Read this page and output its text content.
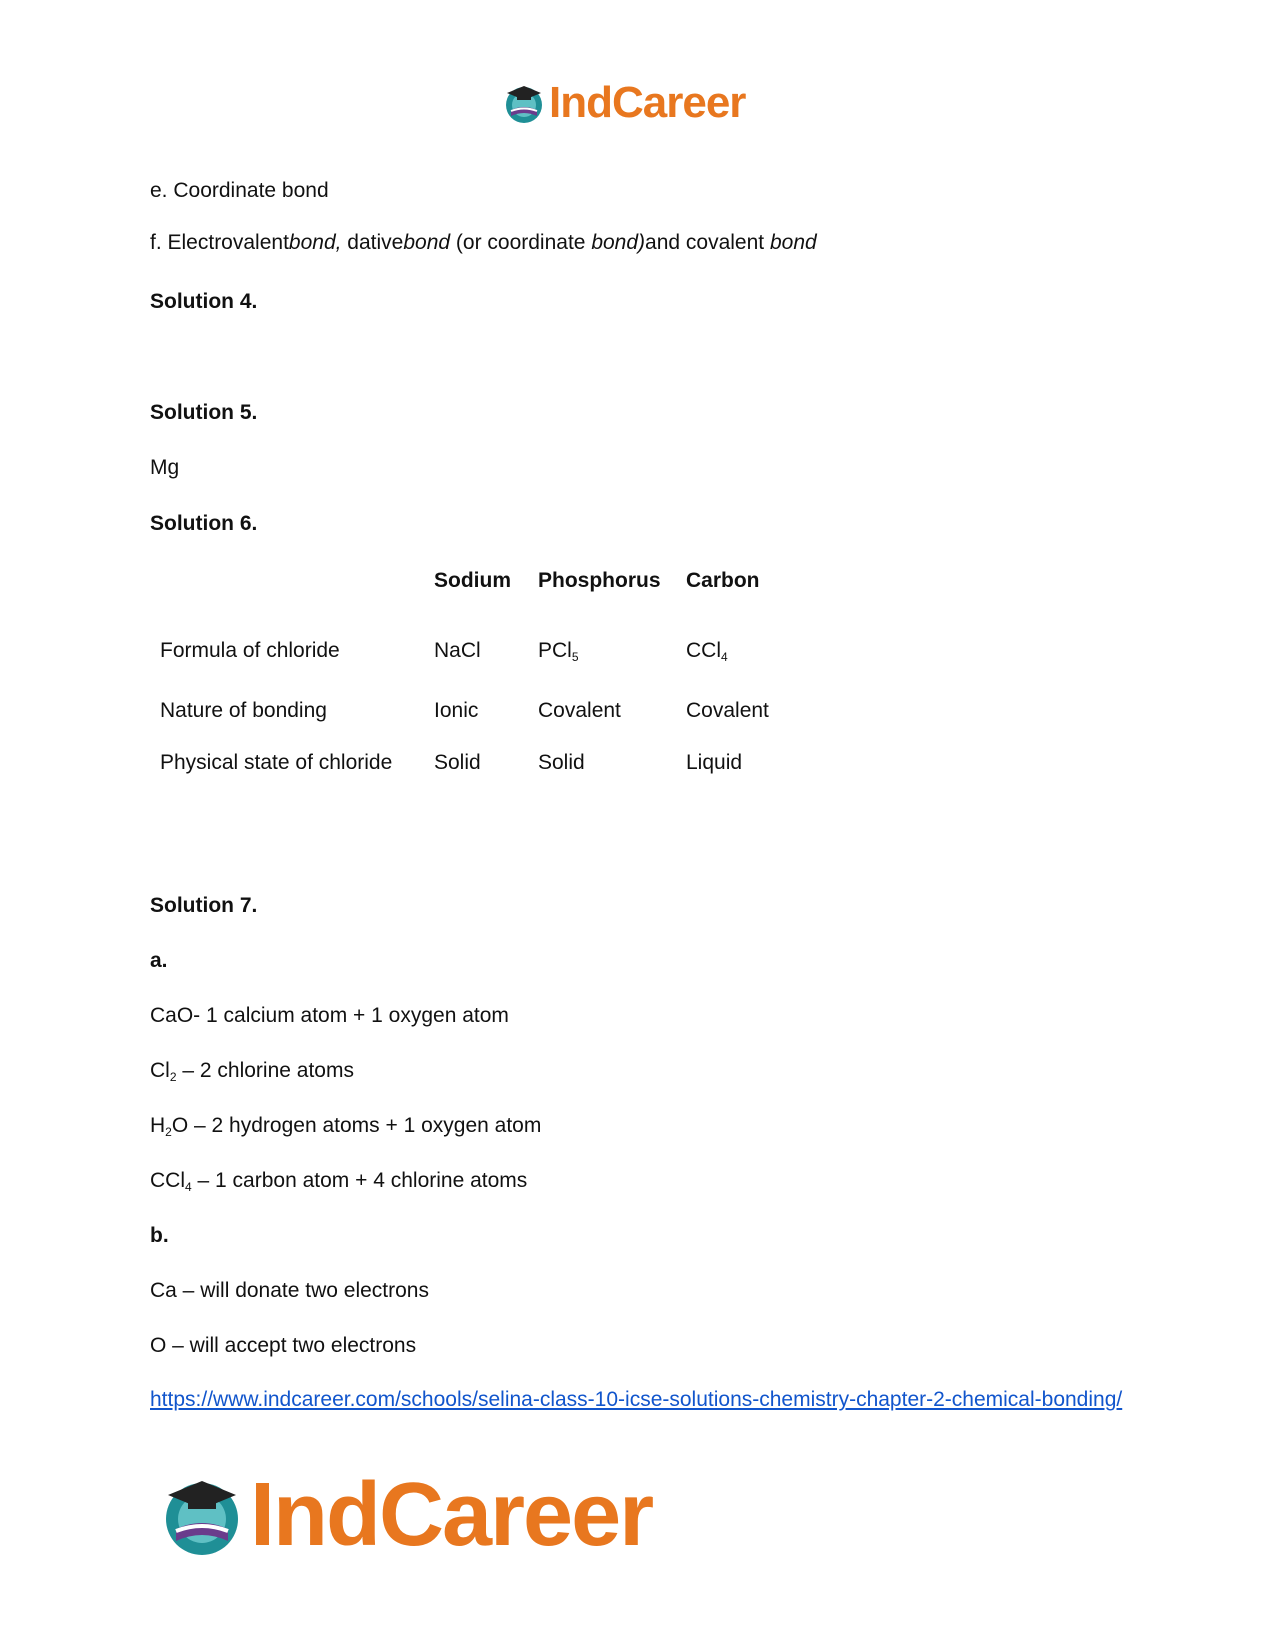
IndCareer
e. Coordinate bond
f. Electrovalentbond, dativebond (or coordinate bond)and covalent bond
Solution 4.
Solution 5.
Mg
Solution 6.
	Sodium	Phosphorus	Carbon

Formula of chloride	NaCl	PCl$_5$	CCl$_4$
Nature of bonding	Ionic	Covalent	Covalent
Physical state of chloride	Solid	Solid	Liquid
Solution 7.
a.
CaO- 1 calcium atom + 1 oxygen atom
$Cl_2 - 2$ chlorine atoms
$H_2O - 2$ hydrogen atoms + 1 oxygen atom
CCl$_4$ – 1 carbon atom + 4 chlorine atoms
b.
Ca – will donate two electrons
O – will accept two electrons
https://www.indcareer.com/schools/selina-class-10-icse-solutions-chemistry-chapter-2-chemical-bonding/
IndCareer
